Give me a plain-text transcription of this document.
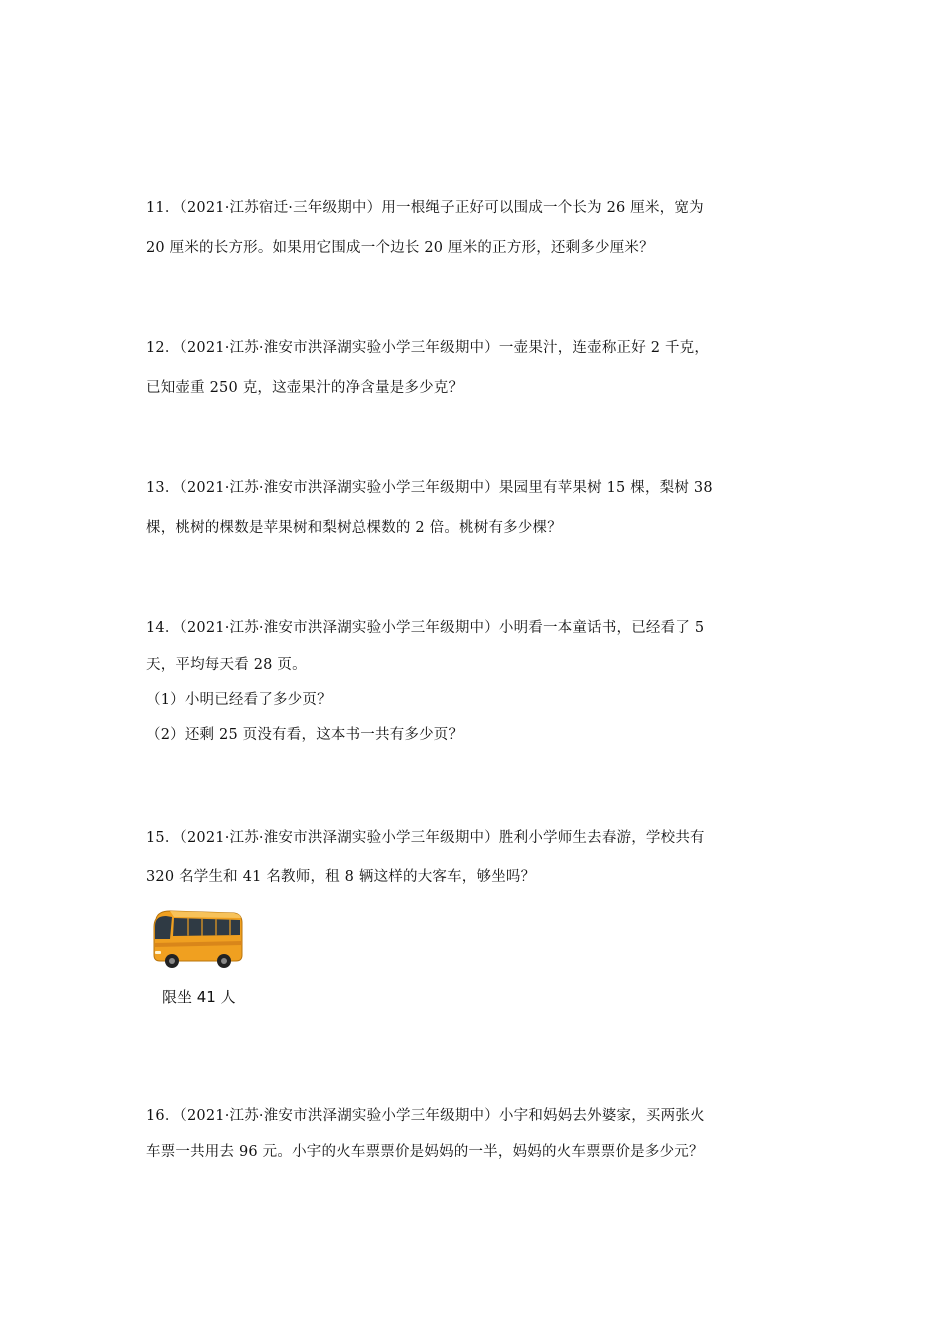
11．（2021·江苏宿迁·三年级期中）用一根绳子正好可以围成一个长为 26 厘米，宽为
20 厘米的长方形。如果用它围成一个边长 20 厘米的正方形，还剩多少厘米？
12．（2021·江苏·淮安市洪泽湖实验小学三年级期中）一壶果汁，连壶称正好 2 千克，
已知壶重 250 克，这壶果汁的净含量是多少克？
13．（2021·江苏·淮安市洪泽湖实验小学三年级期中）果园里有苹果树 15 棵，梨树 38
棵，桃树的棵数是苹果树和梨树总棵数的 2 倍。桃树有多少棵？
14．（2021·江苏·淮安市洪泽湖实验小学三年级期中）小明看一本童话书，已经看了 5
天，平均每天看 28 页。
（1）小明已经看了多少页？
（2）还剩 25 页没有看，这本书一共有多少页？
15．（2021·江苏·淮安市洪泽湖实验小学三年级期中）胜利小学师生去春游，学校共有
320 名学生和 41 名教师，租 8 辆这样的大客车，够坐吗？
限坐 41 人
16．（2021·江苏·淮安市洪泽湖实验小学三年级期中）小宇和妈妈去外婆家，买两张火
车票一共用去 96 元。小宇的火车票票价是妈妈的一半，妈妈的火车票票价是多少元？
